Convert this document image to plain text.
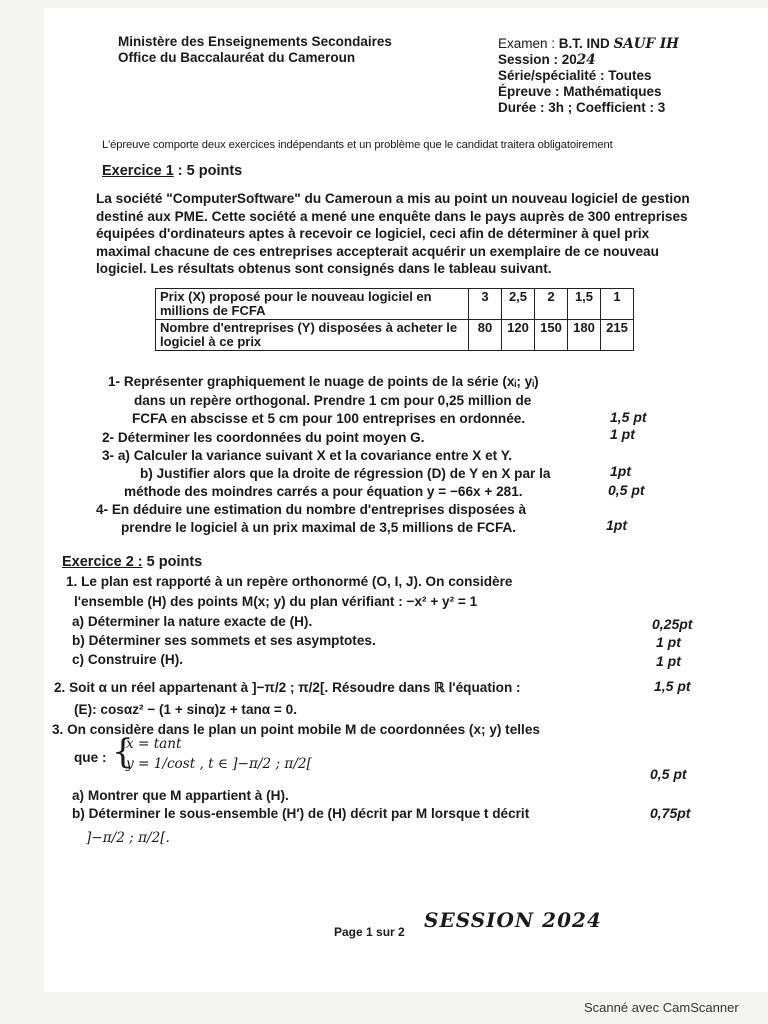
Ministère des Enseignements Secondaires
Office du Baccalauréat du Cameroun
Examen : B.T. IND SAUF IH
Session : 2024
Série/spécialité : Toutes
Épreuve : Mathématiques
Durée : 3h ; Coefficient : 3
L'épreuve comporte deux exercices indépendants et un problème que le candidat traitera obligatoirement
Exercice 1 : 5 points
La société "ComputerSoftware" du Cameroun a mis au point un nouveau logiciel de gestion destiné aux PME. Cette société a mené une enquête dans le pays auprès de 300 entreprises équipées d'ordinateurs aptes à recevoir ce logiciel, ceci afin de déterminer à quel prix maximal chacune de ces entreprises accepterait acquérir un exemplaire de ce nouveau logiciel. Les résultats obtenus sont consignés dans le tableau suivant.
Prix (X) proposé pour le nouveau logiciel en millions de FCFA	3	2,5	2	1,5	1
Nombre d'entreprises (Y) disposées à acheter le logiciel à ce prix	80	120	150	180	215
1- Représenter graphiquement le nuage de points de la série (xᵢ; yᵢ)
dans un repère orthogonal. Prendre 1 cm pour 0,25 million de
FCFA en abscisse et 5 cm pour 100 entreprises en ordonnée.	1,5 pt
2- Déterminer les coordonnées du point moyen G.	1 pt
3- a) Calculer la variance suivant X et la covariance entre X et Y.
b) Justifier alors que la droite de régression (D) de Y en X par la
méthode des moindres carrés a pour équation y = −66x + 281.
1pt
0,5 pt
4- En déduire une estimation du nombre d'entreprises disposées à
prendre le logiciel à un prix maximal de 3,5 millions de FCFA.	1pt
Exercice 2 : 5 points
1. Le plan est rapporté à un repère orthonormé (O, I, J). On considère
l'ensemble (H) des points M(x; y) du plan vérifiant : −x² + y² = 1
a) Déterminer la nature exacte de (H).	0,25pt
b) Déterminer ses sommets et ses asymptotes.	1 pt
c) Construire (H).	1 pt
2. Soit α un réel appartenant à ]−π/2 ; π/2[. Résoudre dans ℝ l'équation :	1,5 pt
(E): cosαz² − (1 + sinα)z + tanα = 0.
3. On considère dans le plan un point mobile M de coordonnées (x; y) telles
que : {
x = tant
y = 1/cost , t ∈ ]−π/2 ; π/2[
0,5 pt
a) Montrer que M appartient à (H).
b) Déterminer le sous-ensemble (H′) de (H) décrit par M lorsque t décrit	0,75pt
]−π/2 ; π/2[.
Page 1 sur 2 SESSION 2024
Scanné avec CamScanner
